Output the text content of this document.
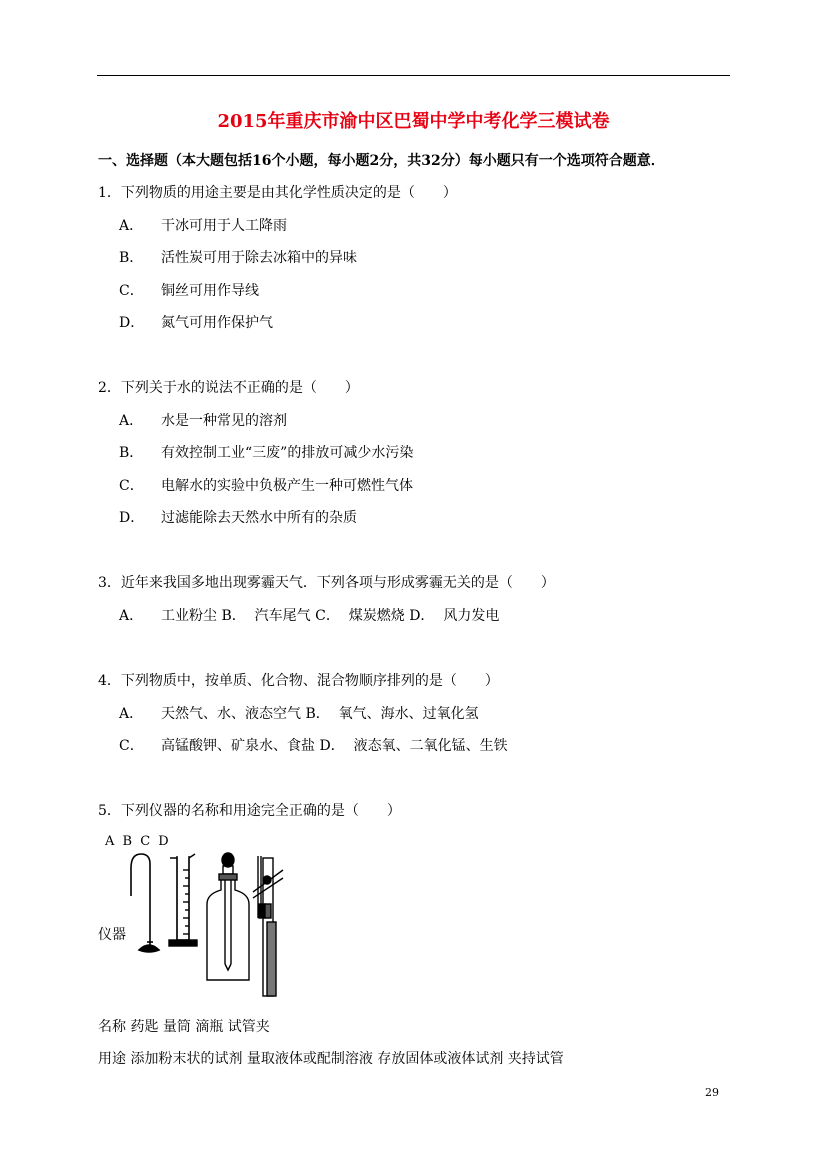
2015年重庆市渝中区巴蜀中学中考化学三模试卷
一、选择题（本大题包括16个小题，每小题2分，共32分）每小题只有一个选项符合题意．
1．下列物质的用途主要是由其化学性质决定的是（　　）
A． 干冰可用于人工降雨
B． 活性炭可用于除去冰箱中的异味
C． 铜丝可用作导线
D． 氮气可用作保护气
2．下列关于水的说法不正确的是（　　）
A． 水是一种常见的溶剂
B． 有效控制工业“三废”的排放可减少水污染
C． 电解水的实验中负极产生一种可燃性气体
D． 过滤能除去天然水中所有的杂质
3．近年来我国多地出现雾霾天气．下列各项与形成雾霾无关的是（　　）
A． 工业粉尘 B． 汽车尾气 C． 煤炭燃烧 D． 风力发电
4．下列物质中，按单质、化合物、混合物顺序排列的是（　　）
A． 天然气、水、液态空气 B． 氧气、海水、过氧化氢
C． 高锰酸钾、矿泉水、食盐 D． 液态氧、二氧化锰、生铁
5．下列仪器的名称和用途完全正确的是（　　）
A B C D
仪器
名称 药匙 量筒 滴瓶 试管夹
用途 添加粉末状的试剂 量取液体或配制溶液 存放固体或液体试剂 夹持试管
29
